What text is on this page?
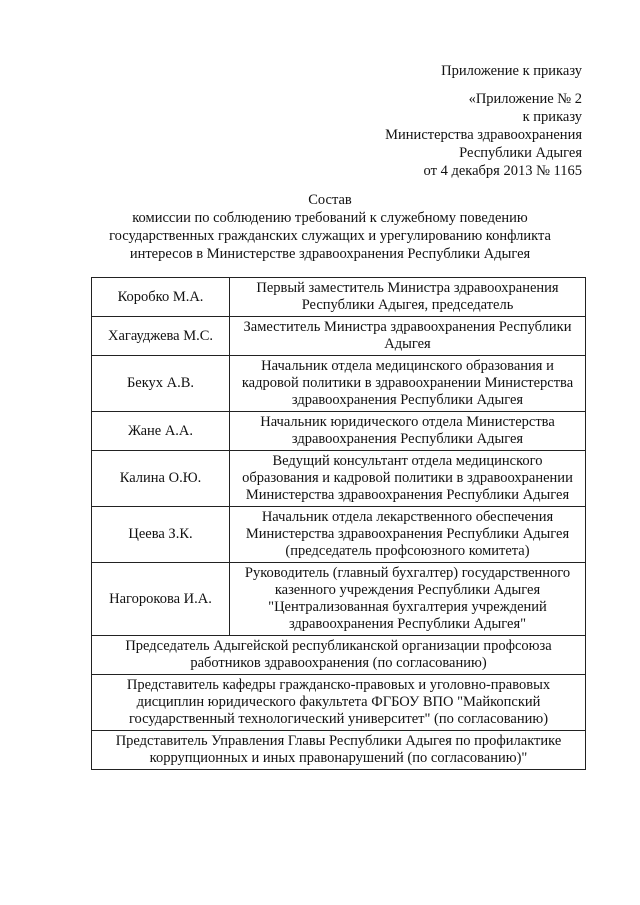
Приложение к приказу
«Приложение № 2
к приказу
Министерства здравоохранения
Республики Адыгея
от 4 декабря 2013 № 1165
Состав
комиссии по соблюдению требований к служебному поведению
государственных гражданских служащих и урегулированию конфликта
интересов в Министерстве здравоохранения Республики Адыгея
Коробко М.А.	Первый заместитель Министра здравоохранения
Республики Адыгея, председатель

Хагауджева М.С.	Заместитель Министра здравоохранения Республики
Адыгея

Бекух А.В.	Начальник отдела медицинского образования и
кадровой политики в здравоохранении Министерства
здравоохранения Республики Адыгея

Жане А.А.	Начальник юридического отдела Министерства
здравоохранения Республики Адыгея

Калина О.Ю.	Ведущий консультант отдела медицинского
образования и кадровой политики в здравоохранении
Министерства здравоохранения Республики Адыгея

Цеева З.К.	Начальник отдела лекарственного обеспечения
Министерства здравоохранения Республики Адыгея
(председатель профсоюзного комитета)

Нагорокова И.А.	Руководитель (главный бухгалтер) государственного
казенного учреждения Республики Адыгея
"Централизованная бухгалтерия учреждений
здравоохранения Республики Адыгея"

Председатель Адыгейской республиканской организации профсоюза
работников здравоохранения (по согласованию)	

Представитель кафедры гражданско-правовых и уголовно-правовых
дисциплин юридического факультета ФГБОУ ВПО "Майкопский
государственный технологический университет" (по согласованию)	

Представитель Управления Главы Республики Адыгея по профилактике
коррупционных и иных правонарушений (по согласованию)"	
